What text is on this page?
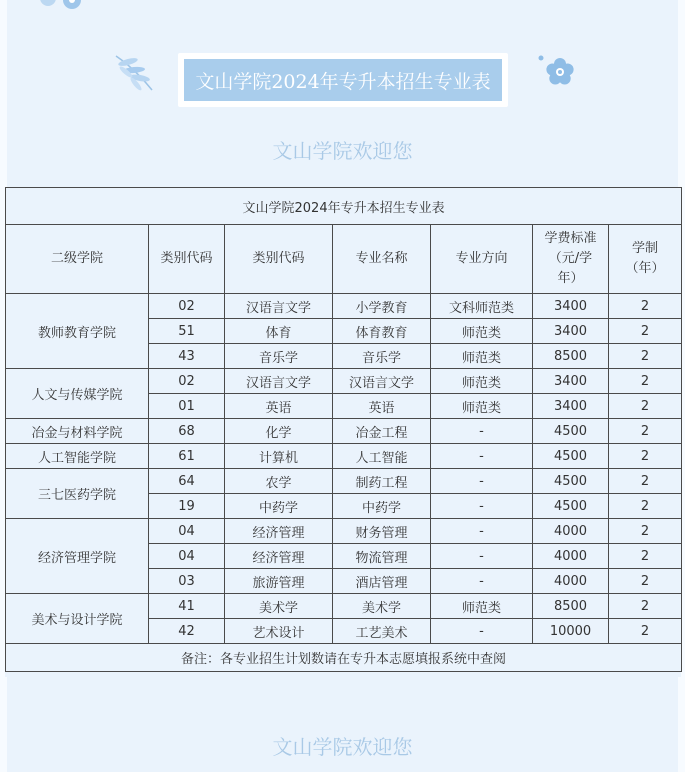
文山学院2024年专升本招生专业表
文山学院欢迎您
文山学院2024年专升本招生专业表						
二级学院	类别代码	类别代码	专业名称	专业方向	学费标准（元/学年）	学制（年）
教师教育学院	02	汉语言文学	小学教育	文科师范类	3400	2
	51	体育	体育教育	师范类	3400	2
	43	音乐学	音乐学	师范类	8500	2
人文与传媒学院	02	汉语言文学	汉语言文学	师范类	3400	2
	01	英语	英语	师范类	3400	2
冶金与材料学院	68	化学	冶金工程	-	4500	2
人工智能学院	61	计算机	人工智能	-	4500	2
三七医药学院	64	农学	制药工程	-	4500	2
	19	中药学	中药学	-	4500	2
经济管理学院	04	经济管理	财务管理	-	4000	2
	04	经济管理	物流管理	-	4000	2
	03	旅游管理	酒店管理	-	4000	2
美术与设计学院	41	美术学	美术学	师范类	8500	2
	42	艺术设计	工艺美术	-	10000	2
备注：各专业招生计划数请在专升本志愿填报系统中查阅						
文山学院欢迎您
